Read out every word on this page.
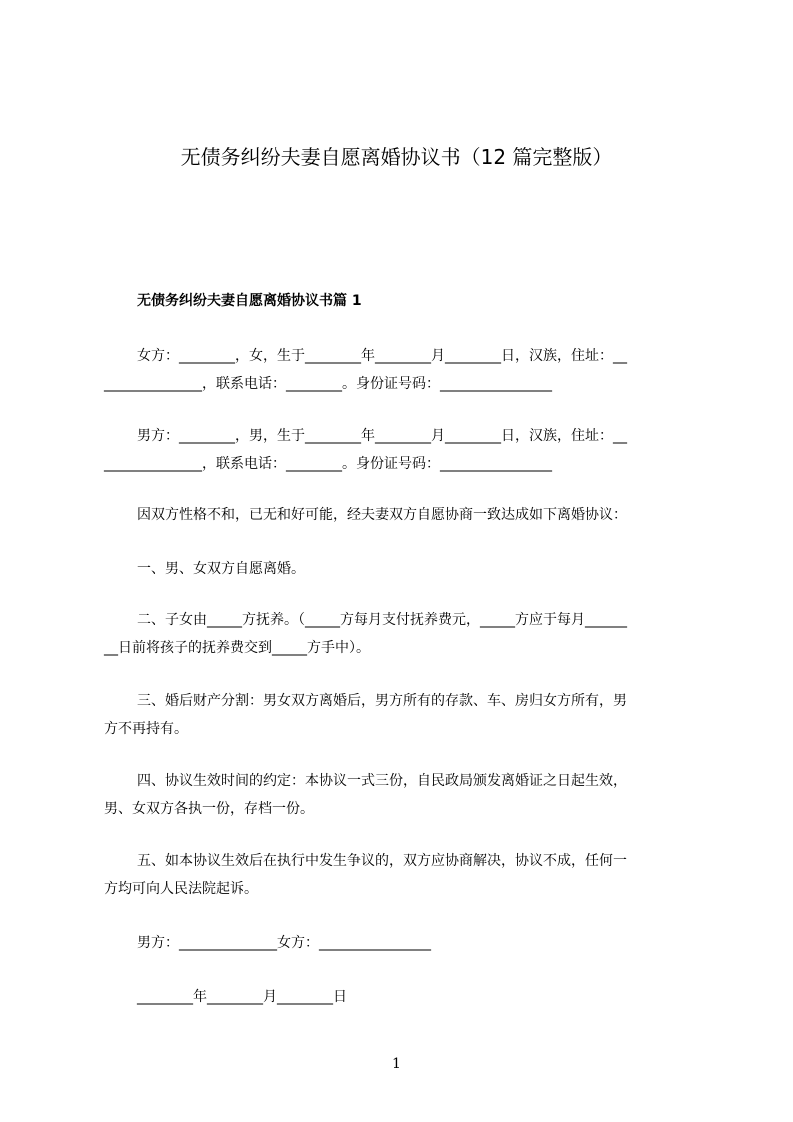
无债务纠纷夫妻自愿离婚协议书（12 篇完整版）
无债务纠纷夫妻自愿离婚协议书篇 1
女方：________，女，生于________年________月________日，汉族，住址：__
______________，联系电话：________。身份证号码：________________
男方：________，男，生于________年________月________日，汉族，住址：__
______________，联系电话：________。身份证号码：________________
因双方性格不和，已无和好可能，经夫妻双方自愿协商一致达成如下离婚协议：
一、男、女双方自愿离婚。
二、子女由_____方抚养。（_____方每月支付抚养费元，_____方应于每月______
__日前将孩子的抚养费交到_____方手中）。
三、婚后财产分割：男女双方离婚后，男方所有的存款、车、房归女方所有，男
方不再持有。
四、协议生效时间的约定：本协议一式三份，自民政局颁发离婚证之日起生效，
男、女双方各执一份，存档一份。
五、如本协议生效后在执行中发生争议的，双方应协商解决，协议不成，任何一
方均可向人民法院起诉。
男方：______________女方：________________
________年________月________日
1
